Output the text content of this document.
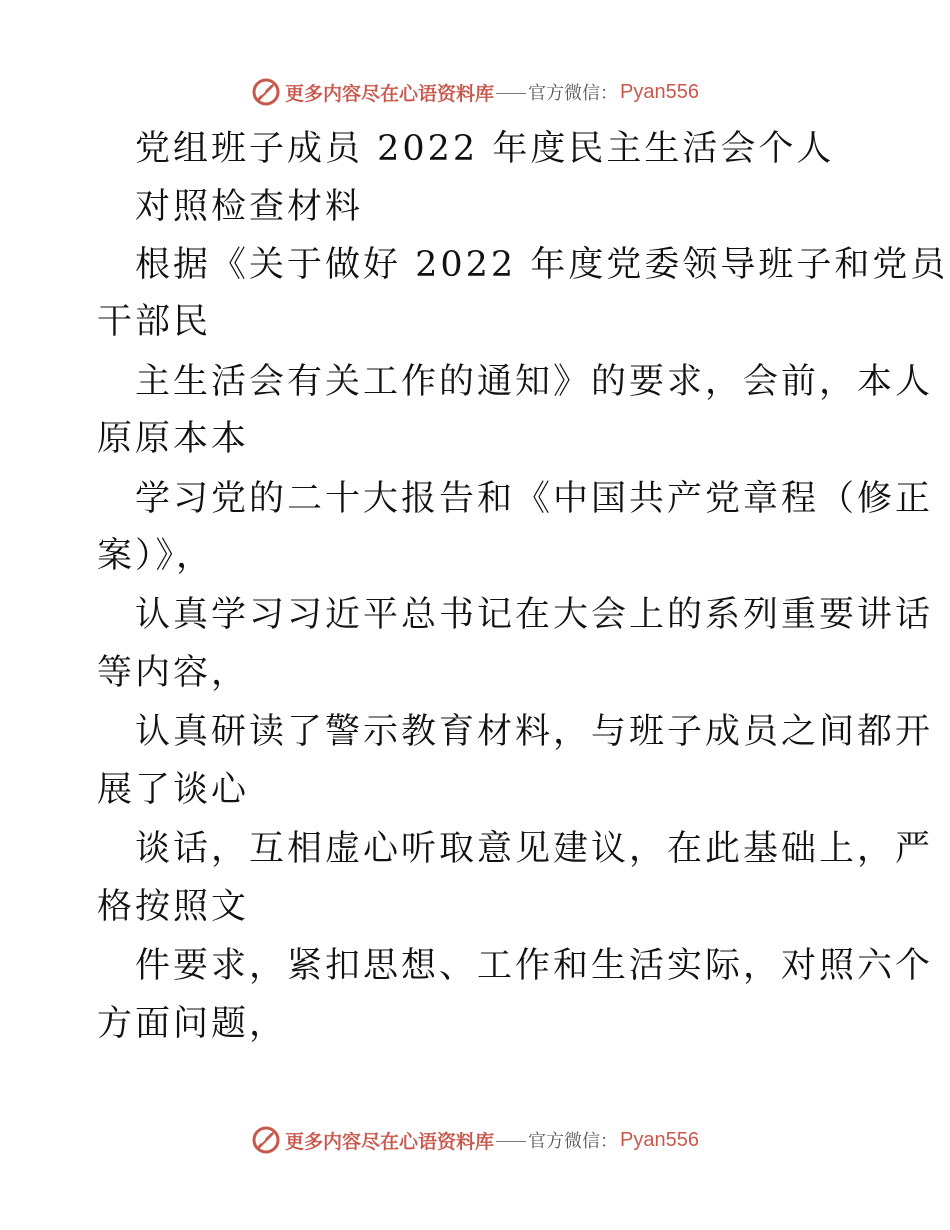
更多内容尽在心语资料库 官方微信： Pyan556
党组班子成员 2022 年度民主生活会个人
对照检查材料
根据《关于做好 2022 年度党委领导班子和党员
干部民
主生活会有关工作的通知》的要求，会前，本人
原原本本
学习党的二十大报告和《中国共产党章程（修正
案）》，
认真学习习近平总书记在大会上的系列重要讲话
等内容，
认真研读了警示教育材料，与班子成员之间都开
展了谈心
谈话，互相虚心听取意见建议，在此基础上，严
格按照文
件要求，紧扣思想、工作和生活实际，对照六个
方面问题，
更多内容尽在心语资料库 官方微信： Pyan556
